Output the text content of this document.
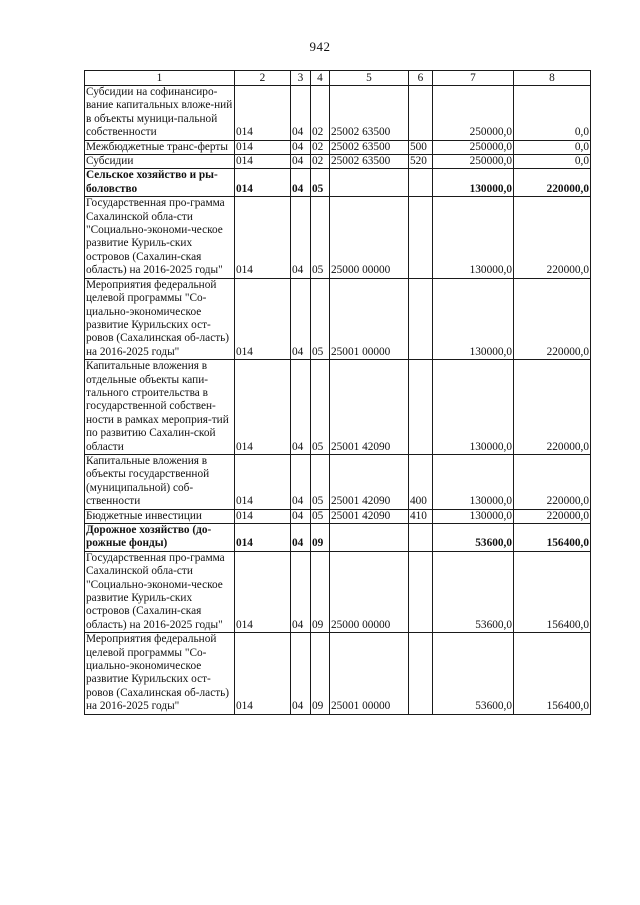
942
1	2	3	4	5	6	7	8
Субсидии на софинансиро-вание капитальных вложе-ний в объекты муници-пальной собственности	014	04	02	25002 63500		250000,0	0,0
Межбюджетные транс-ферты	014	04	02	25002 63500	500	250000,0	0,0
Субсидии	014	04	02	25002 63500	520	250000,0	0,0
Сельское хозяйство и ры-боловство	014	04	05			130000,0	220000,0
Государственная про-грамма Сахалинской обла-сти "Социально-экономи-ческое развитие Куриль-ских островов (Сахалин-ская область) на 2016-2025 годы"	014	04	05	25000 00000		130000,0	220000,0
Мероприятия федеральной целевой программы "Со-циально-экономическое развитие Курильских ост-ровов (Сахалинская об-ласть) на 2016-2025 годы"	014	04	05	25001 00000		130000,0	220000,0
Капитальные вложения в отдельные объекты капи-тального строительства в государственной собствен-ности в рамках мероприя-тий по развитию Сахалин-ской области	014	04	05	25001 42090		130000,0	220000,0
Капитальные вложения в объекты государственной (муниципальной) соб-ственности	014	04	05	25001 42090	400	130000,0	220000,0
Бюджетные инвестиции	014	04	05	25001 42090	410	130000,0	220000,0
Дорожное хозяйство (до-рожные фонды)	014	04	09			53600,0	156400,0
Государственная про-грамма Сахалинской обла-сти "Социально-экономи-ческое развитие Куриль-ских островов (Сахалин-ская область) на 2016-2025 годы"	014	04	09	25000 00000		53600,0	156400,0
Мероприятия федеральной целевой программы "Со-циально-экономическое развитие Курильских ост-ровов (Сахалинская об-ласть) на 2016-2025 годы"	014	04	09	25001 00000		53600,0	156400,0
